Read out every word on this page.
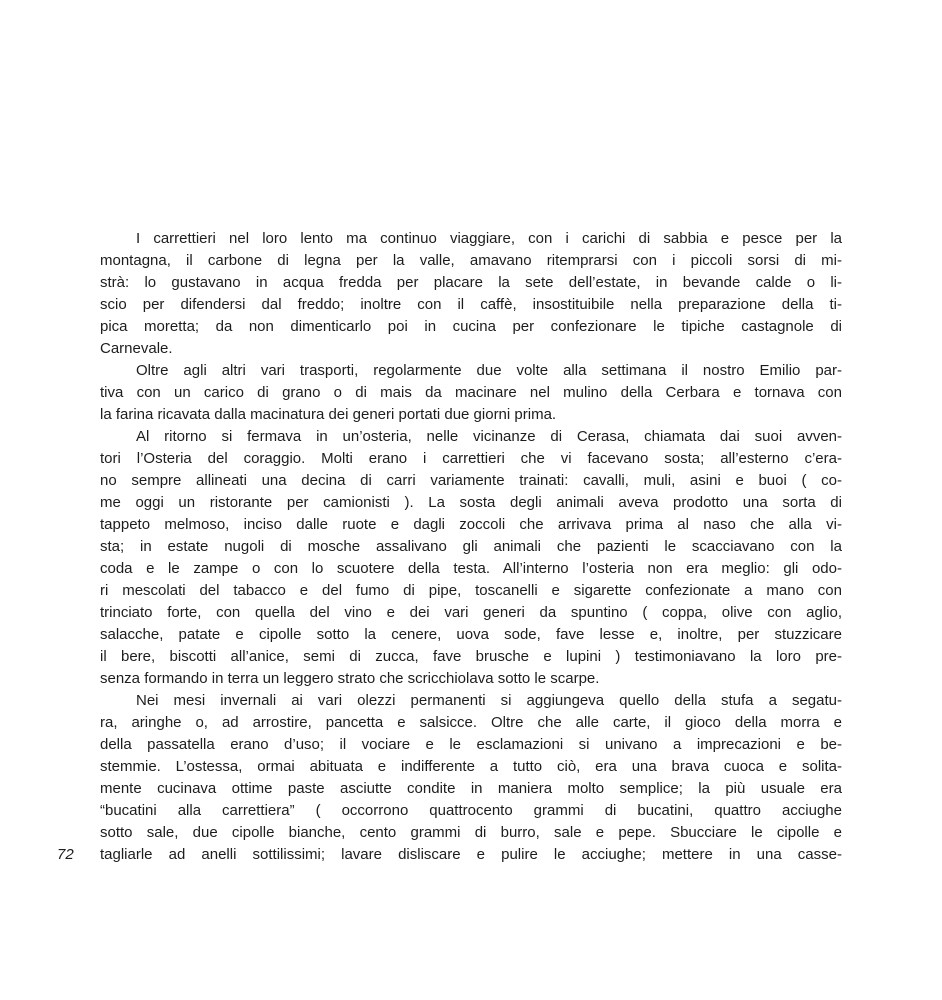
72
I carrettieri nel loro lento ma continuo viaggiare, con i carichi di sabbia e pesce per la
montagna, il carbone di legna per la valle, amavano ritemprarsi con i piccoli sorsi di mi-
strà: lo gustavano in acqua fredda per placare la sete dell’estate, in bevande calde o li-
scio per difendersi dal freddo; inoltre con il caffè, insostituibile nella preparazione della ti-
pica moretta; da non dimenticarlo poi in cucina per confezionare le tipiche castagnole di
Carnevale.
Oltre agli altri vari trasporti, regolarmente due volte alla settimana il nostro Emilio par-
tiva con un carico di grano o di mais da macinare nel mulino della Cerbara e tornava con
la farina ricavata dalla macinatura dei generi portati due giorni prima.
Al ritorno si fermava in un’osteria, nelle vicinanze di Cerasa, chiamata dai suoi avven-
tori l’Osteria del coraggio. Molti erano i carrettieri che vi facevano sosta; all’esterno c’era-
no sempre allineati una decina di carri variamente trainati: cavalli, muli, asini e buoi ( co-
me oggi un ristorante per camionisti ). La sosta degli animali aveva prodotto una sorta di
tappeto melmoso, inciso dalle ruote e dagli zoccoli che arrivava prima al naso che alla vi-
sta; in estate nugoli di mosche assalivano gli animali che pazienti le scacciavano con la
coda e le zampe o con lo scuotere della testa. All’interno l’osteria non era meglio: gli odo-
ri mescolati del tabacco e del fumo di pipe, toscanelli e sigarette confezionate a mano con
trinciato forte, con quella del vino e dei vari generi da spuntino ( coppa, olive con aglio,
salacche, patate e cipolle sotto la cenere, uova sode, fave lesse e, inoltre, per stuzzicare
il bere, biscotti all’anice, semi di zucca, fave brusche e lupini ) testimoniavano la loro pre-
senza formando in terra un leggero strato che scricchiolava sotto le scarpe.
Nei mesi invernali ai vari olezzi permanenti si aggiungeva quello della stufa a segatu-
ra, aringhe o, ad arrostire, pancetta e salsicce. Oltre che alle carte, il gioco della morra e
della passatella erano d’uso; il vociare e le esclamazioni si univano a imprecazioni e be-
stemmie. L’ostessa, ormai abituata e indifferente a tutto ciò, era una brava cuoca e solita-
mente cucinava ottime paste asciutte condite in maniera molto semplice; la più usuale era
“bucatini alla carrettiera” ( occorrono quattrocento grammi di bucatini, quattro acciughe
sotto sale, due cipolle bianche, cento grammi di burro, sale e pepe. Sbucciare le cipolle e
tagliarle ad anelli sottilissimi; lavare disliscare e pulire le acciughe; mettere in una casse-
